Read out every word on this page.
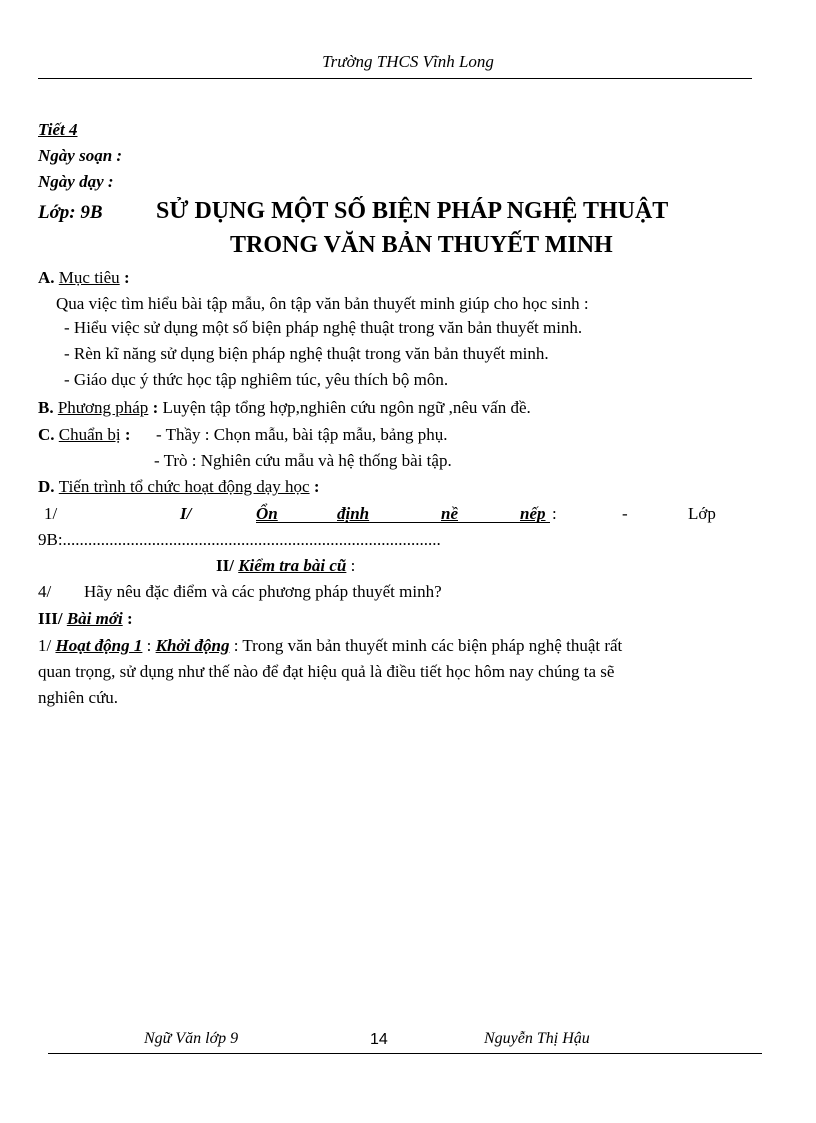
Trường THCS Vĩnh Long
Tiết 4
Ngày soạn :
Ngày dạy :
Lớp: 9B SỬ DỤNG MỘT SỐ BIỆN PHÁP NGHỆ THUẬT
TRONG VĂN BẢN THUYẾT MINH
A. Mục tiêu :
Qua việc tìm hiểu bài tập mẫu, ôn tập văn bản thuyết minh giúp cho học sinh :
- Hiểu việc sử dụng một số biện pháp nghệ thuật trong văn bản thuyết minh.
- Rèn kĩ năng sử dụng biện pháp nghệ thuật trong văn bản thuyết minh.
- Giáo dục ý thức học tập nghiêm túc, yêu thích bộ môn.
B. Phương pháp : Luyện tập tổng hợp,nghiên cứu ngôn ngữ ,nêu vấn đề.
C. Chuẩn bị : - Thầy : Chọn mẫu, bài tập mẫu, bảng phụ.
- Trò : Nghiên cứu mẫu và hệ thống bài tập.
D. Tiến trình tổ chức hoạt động dạy học :
1/	I/	Ổn	định	nề	nếp :	-	Lớp
9B:.........................................................................................
II/ Kiểm tra bài cũ :
4/ Hãy nêu đặc điểm và các phương pháp thuyết minh?
III/ Bài mới :
1/ Hoạt động 1 : Khởi động : Trong văn bản thuyết minh các biện pháp nghệ thuật rất
quan trọng, sử dụng như thế nào để đạt hiệu quả là điều tiết học hôm nay chúng ta sẽ
nghiên cứu.
Ngữ Văn lớp 9	14	Nguyễn Thị Hậu
